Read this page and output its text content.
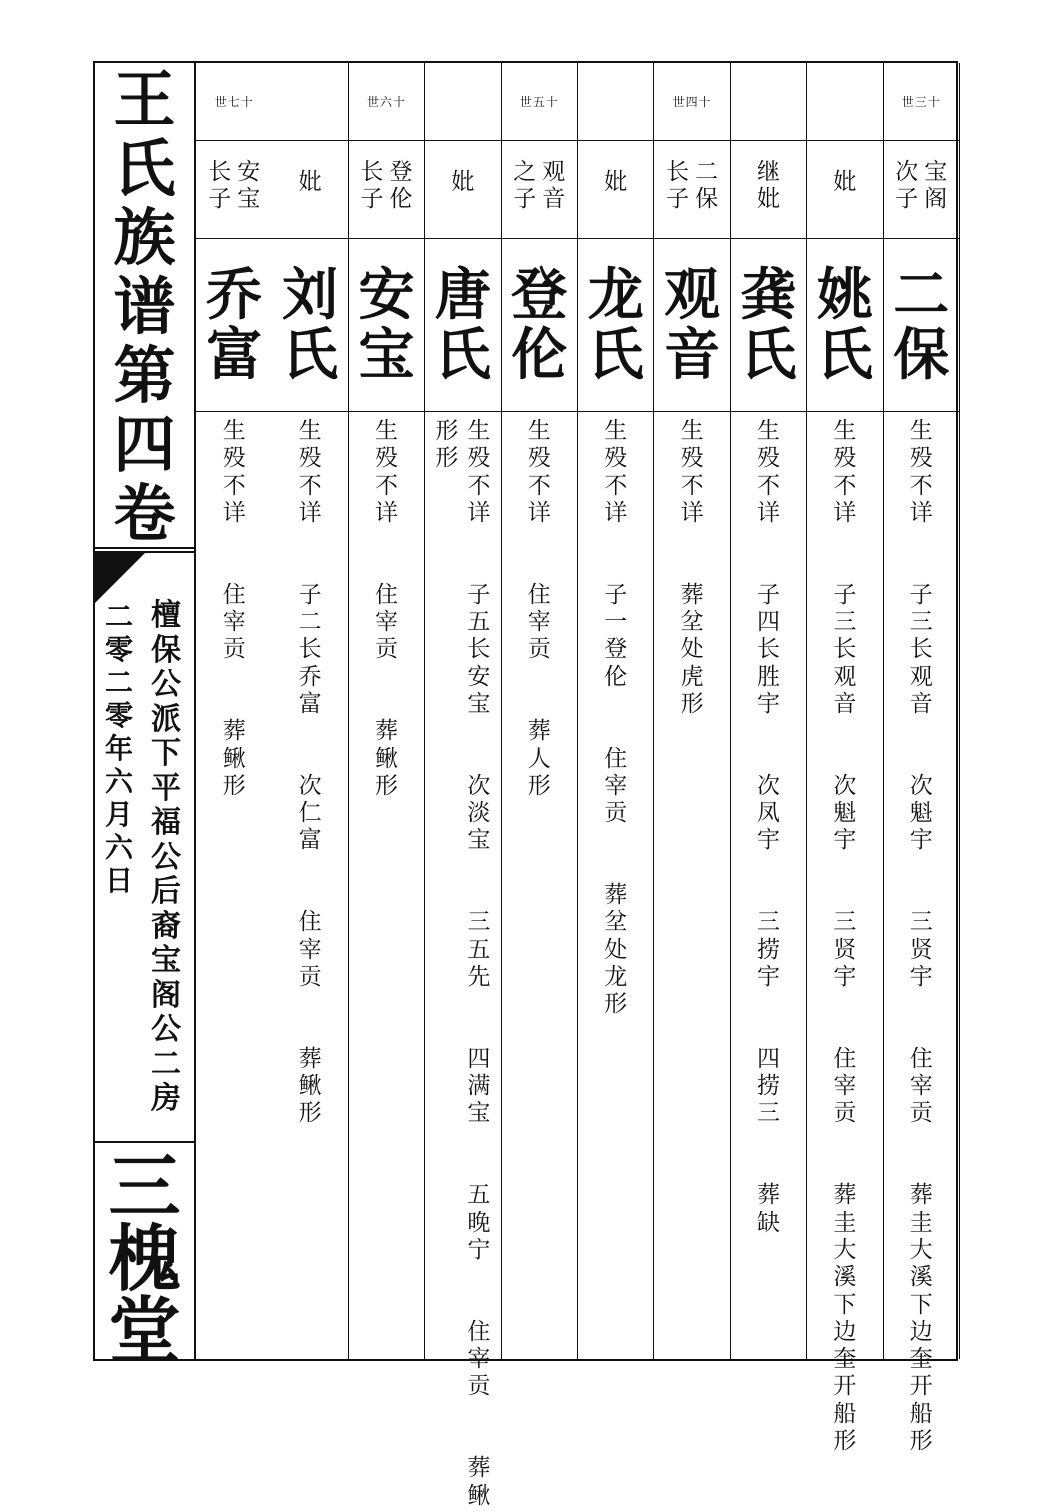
王
氏
族
谱
第
四
卷
檀
保
公
派
下
平
福
公
后
裔
宝
阁
公
二
房
二
零
二
零
年
六
月
六
日
三
槐
堂
世三十
宝
阁
次
子
二
保
生
殁
不
详

子
三
长
观
音

次
魁
宇

三
贤
宇

住
宰
贡

葬
圭
大
溪
下
边
奎
开
船
形
妣
姚
氏
生
殁
不
详

子
三
长
观
音

次
魁
宇

三
贤
宇

住
宰
贡

葬
圭
大
溪
下
边
奎
开
船
形
继
妣
龚
氏
生
殁
不
详

子
四
长
胜
宇

次
凤
宇

三
捞
宇

四
捞
三

葬
缺
世四十
二
保
长
子
观
音
生
殁
不
详

葬
坌
处
虎
形
妣
龙
氏
生
殁
不
详

子
一
登
伦

住
宰
贡

葬
坌
处
龙
形
世五十
观
音
之
子
登
伦
生
殁
不
详

住
宰
贡

葬
人
形
妣
唐
氏
生
殁
不
详

子
五
长
安
宝

次
淡
宝

三
五
先

四
满
宝

五
晚
宁

住
宰
贡

葬
鳅
形
形
世六十
登
伦
长
子
安
宝
生
殁
不
详

住
宰
贡

葬
鳅
形
妣
刘
氏
生
殁
不
详

子
二
长
乔
富

次
仁
富

住
宰
贡

葬
鳅
形
世七十
安
宝
长
子
乔
富
生
殁
不
详

住
宰
贡

葬
鳅
形
